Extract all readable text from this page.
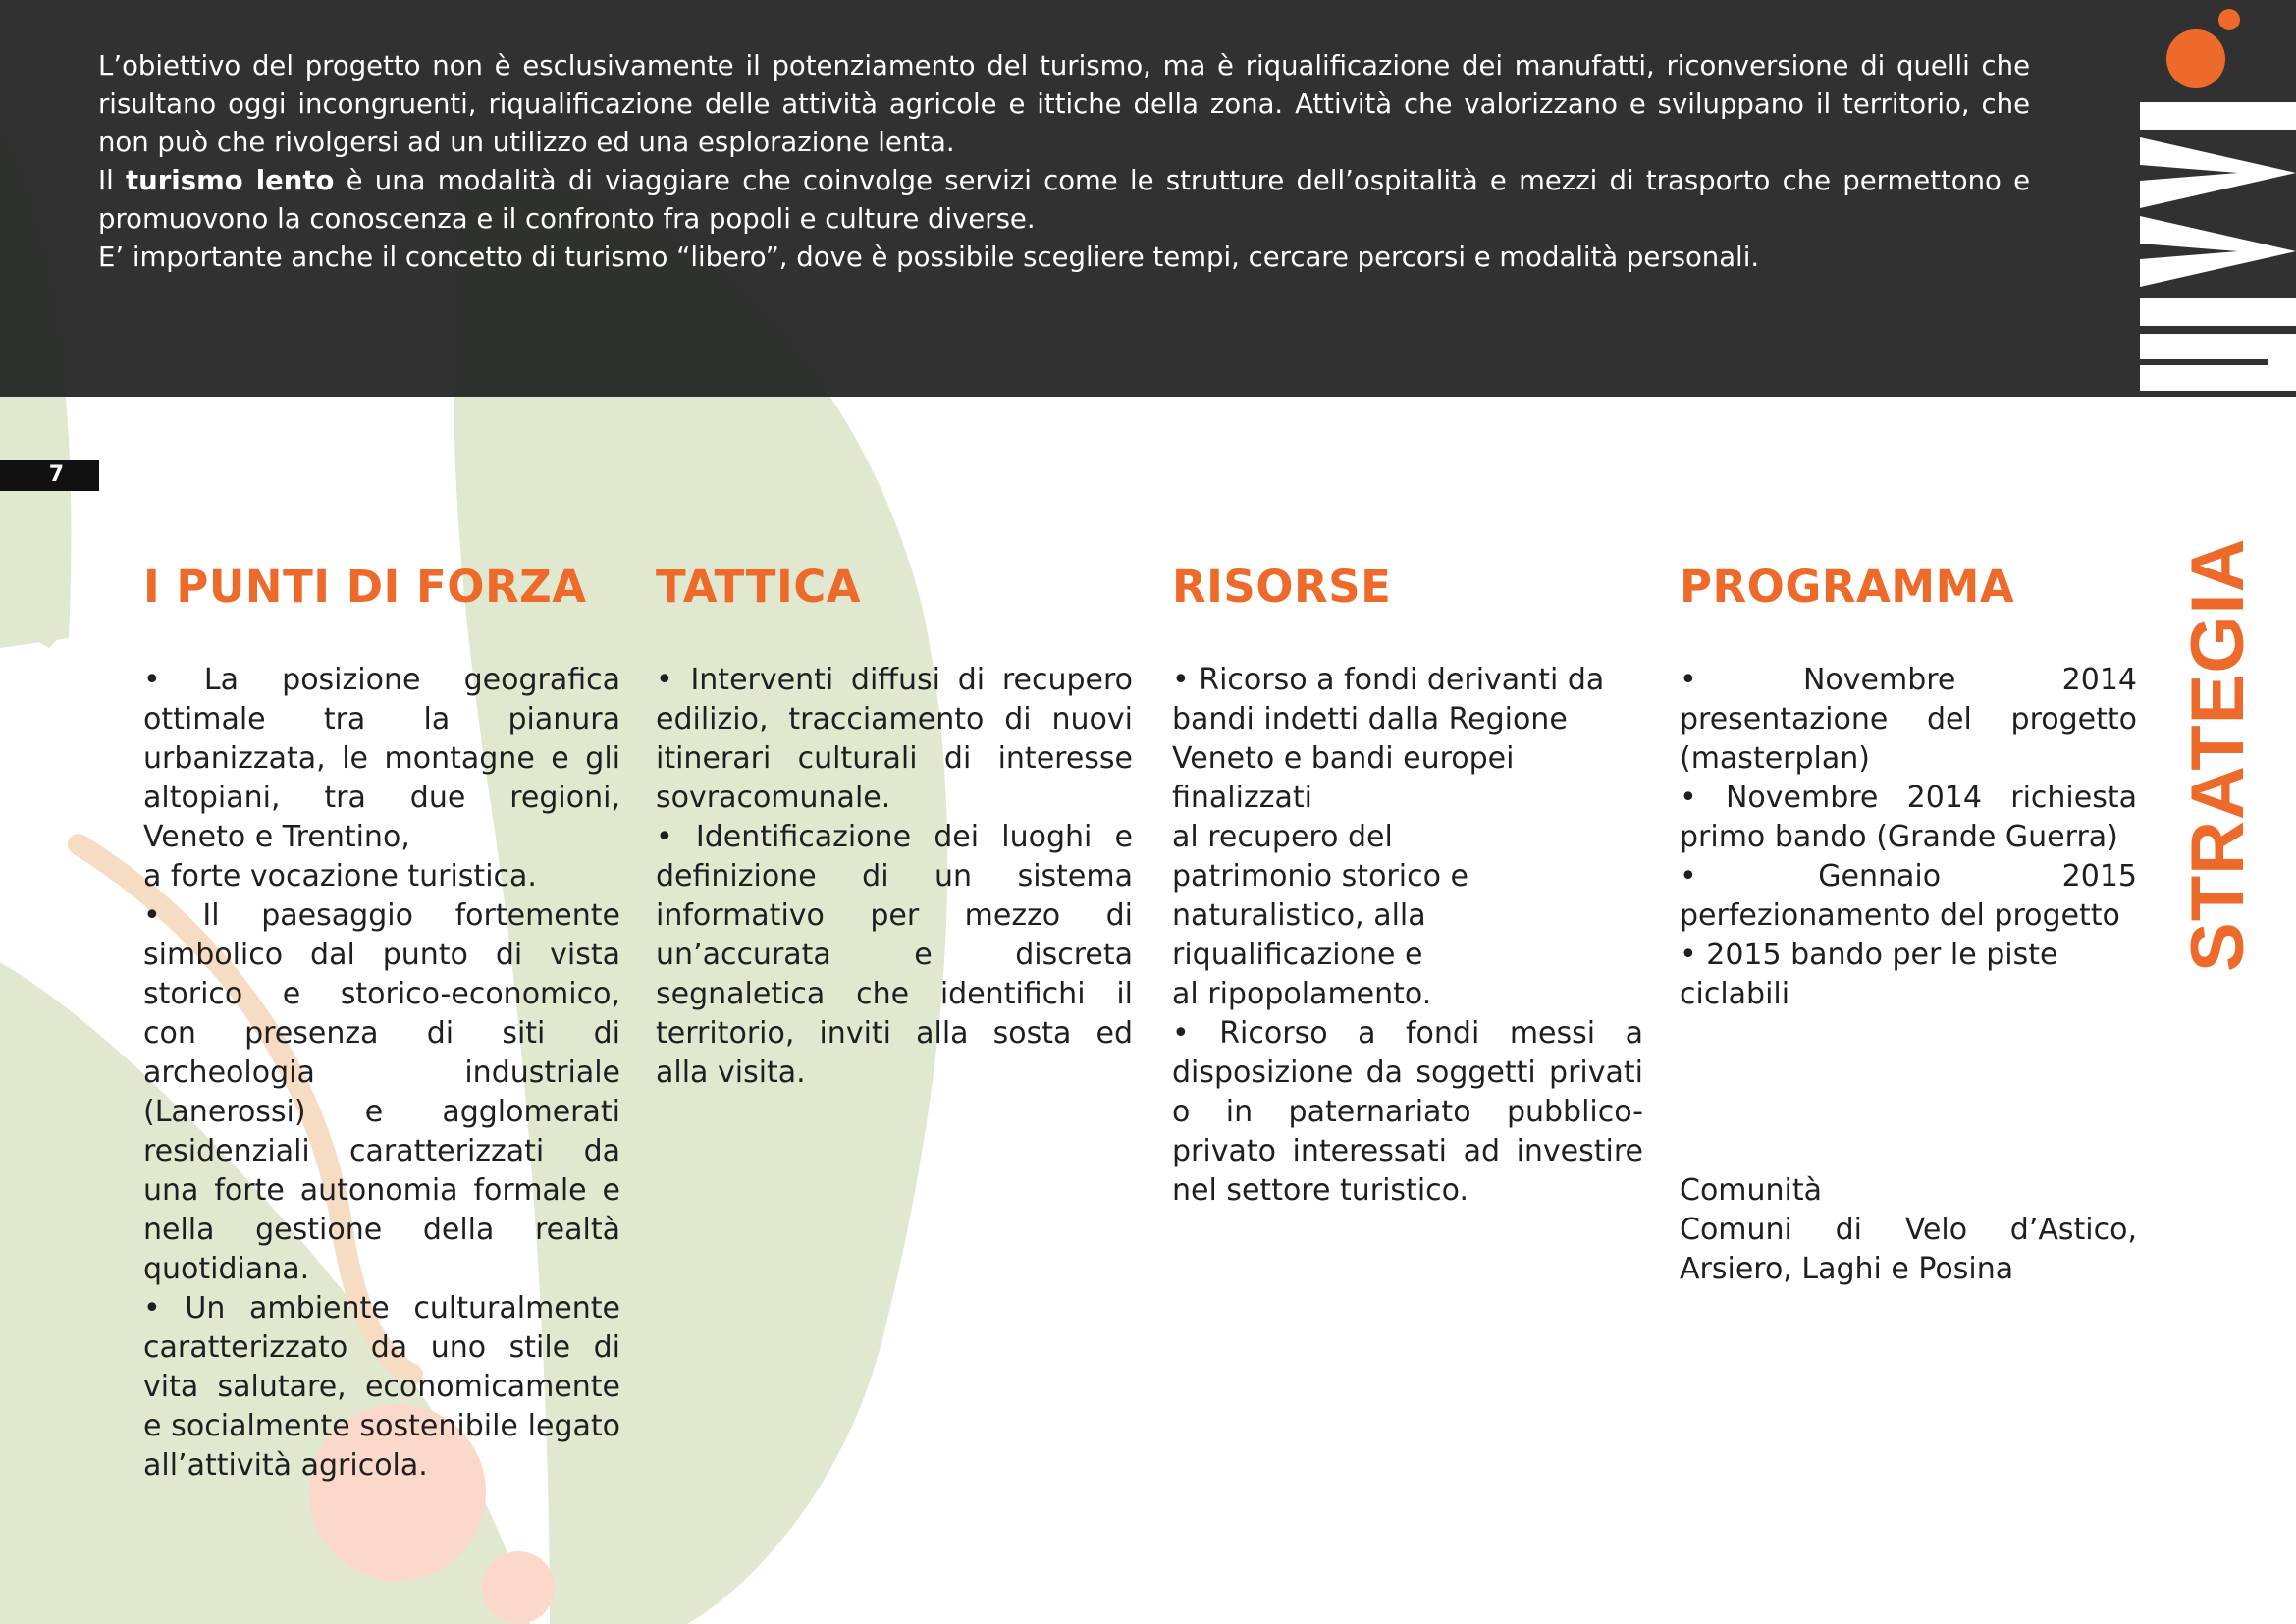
L’obiettivo del progetto non è esclusivamente il potenziamento del turismo, ma è riqualificazione dei manufatti, riconversione di quelli che risultano oggi incongruenti, riqualificazione delle attività agricole e ittiche della zona. Attività che valorizzano e sviluppano il territorio, che non può che rivolgersi ad un utilizzo ed una esplorazione lenta.

Il turismo lento è una modalità di viaggiare che coinvolge servizi come le strutture dell’ospitalità e mezzi di trasporto che permettono e promuovono la conoscenza e il confronto fra popoli e culture diverse.

E’ importante anche il concetto di turismo “libero”, dove è possibile scegliere tempi, cercare percorsi e modalità personali.

7
I PUNTI DI FORZA

• La posizione geografica ottimale tra la pianura urbanizzata, le montagne e gli altopiani, tra due regioni, Veneto e Trentino,

a forte vocazione turistica.

• Il paesaggio fortemente simbolico dal punto di vista storico e storico-economico, con presenza di siti di archeologia industriale (Lanerossi) e agglomerati residenziali caratterizzati da una forte autonomia formale e nella gestione della realtà quotidiana.

• Un ambiente culturalmente caratterizzato da uno stile di vita salutare, economicamente e socialmente sostenibile legato all’attività agricola.

TATTICA

• Interventi diffusi di recupero edilizio, tracciamento di nuovi itinerari culturali di interesse sovracomunale.

• Identificazione dei luoghi e definizione di un sistema informativo per mezzo di un’accurata e discreta segnaletica che identifichi il territorio, inviti alla sosta ed alla visita.

RISORSE

• Ricorso a fondi derivanti da bandi indetti dalla Regione Veneto e bandi europei finalizzati

al recupero del

patrimonio storico e naturalistico, alla riqualificazione e

al ripopolamento.

• Ricorso a fondi messi a disposizione da soggetti privati o in paternariato pubblico-privato interessati ad investire nel settore turistico.

PROGRAMMA

• Novembre 2014 presentazione del progetto (masterplan)

• Novembre 2014 richiesta primo bando (Grande Guerra)

• Gennaio 2015 perfezionamento del progetto

• 2015 bando per le piste ciclabili

Comunità

Comuni di Velo d’Astico, Arsiero, Laghi e Posina

STRATEGIA
